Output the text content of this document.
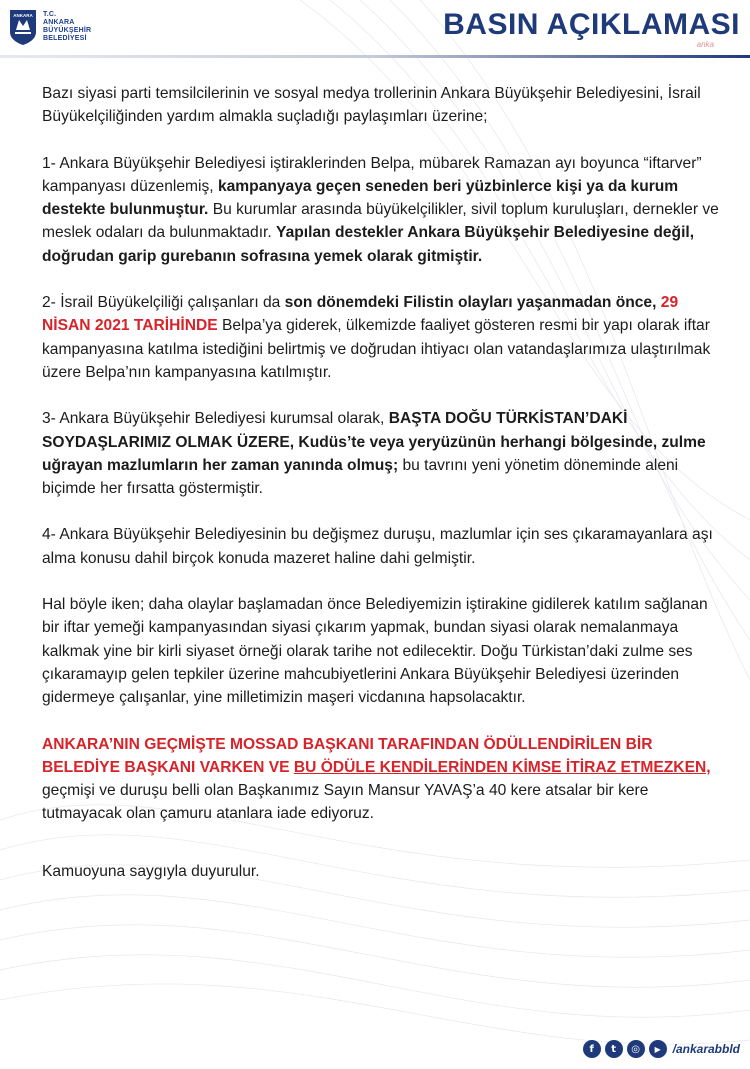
ANKARA T.C.
ANKARA
BÜYÜKŞEHİR
BELEDİYESİ	BASIN AÇIKLAMASI
anka

Bazı siyasi parti temsilcilerinin ve sosyal medya trollerinin Ankara Büyükşehir Belediyesini, İsrail Büyükelçiliğinden yardım almakla suçladığı paylaşımları üzerine;

1- Ankara Büyükşehir Belediyesi iştiraklerinden Belpa, mübarek Ramazan ayı boyunca “iftarver” kampanyası düzenlemiş, kampanyaya geçen seneden beri yüzbinlerce kişi ya da kurum destekte bulunmuştur. Bu kurumlar arasında büyükelçilikler, sivil toplum kuruluşları, dernekler ve meslek odaları da bulunmaktadır. Yapılan destekler Ankara Büyükşehir Belediyesine değil, doğrudan garip gurebanın sofrasına yemek olarak gitmiştir.

2- İsrail Büyükelçiliği çalışanları da son dönemdeki Filistin olayları yaşanmadan önce, 29 NİSAN 2021 TARİHİNDE Belpa’ya giderek, ülkemizde faaliyet gösteren resmi bir yapı olarak iftar kampanyasına katılma istediğini belirtmiş ve doğrudan ihtiyacı olan vatandaşlarımıza ulaştırılmak üzere Belpa’nın kampanyasına katılmıştır.

3- Ankara Büyükşehir Belediyesi kurumsal olarak, BAŞTA DOĞU TÜRKİSTAN’DAKİ SOYDAŞLARIMIZ OLMAK ÜZERE, Kudüs’te veya yeryüzünün herhangi bölgesinde, zulme uğrayan mazlumların her zaman yanında olmuş; bu tavrını yeni yönetim döneminde aleni biçimde her fırsatta göstermiştir.

4- Ankara Büyükşehir Belediyesinin bu değişmez duruşu, mazlumlar için ses çıkaramayanlara aşı alma konusu dahil birçok konuda mazeret haline dahi gelmiştir.

Hal böyle iken; daha olaylar başlamadan önce Belediyemizin iştirakine gidilerek katılım sağlanan bir iftar yemeği kampanyasından siyasi çıkarım yapmak, bundan siyasi olarak nemalanmaya kalkmak yine bir kirli siyaset örneği olarak tarihe not edilecektir. Doğu Türkistan’daki zulme ses çıkaramayıp gelen tepkiler üzerine mahcubiyetlerini Ankara Büyükşehir Belediyesi üzerinden gidermeye çalışanlar, yine milletimizin maşeri vicdanına hapsolacaktır.

ANKARA’NIN GEÇMİŞTE MOSSAD BAŞKANI TARAFINDAN ÖDÜLLENDİRİLEN BİR BELEDİYE BAŞKANI VARKEN VE BU ÖDÜLE KENDİLERİNDEN KİMSE İTİRAZ ETMEZKEN, geçmişi ve duruşu belli olan Başkanımız Sayın Mansur YAVAŞ’a 40 kere atsalar bir kere tutmayacak olan çamuru atanlara iade ediyoruz.

Kamuoyuna saygıyla duyurulur.

f	t	◎	▶ /ankarabbld
